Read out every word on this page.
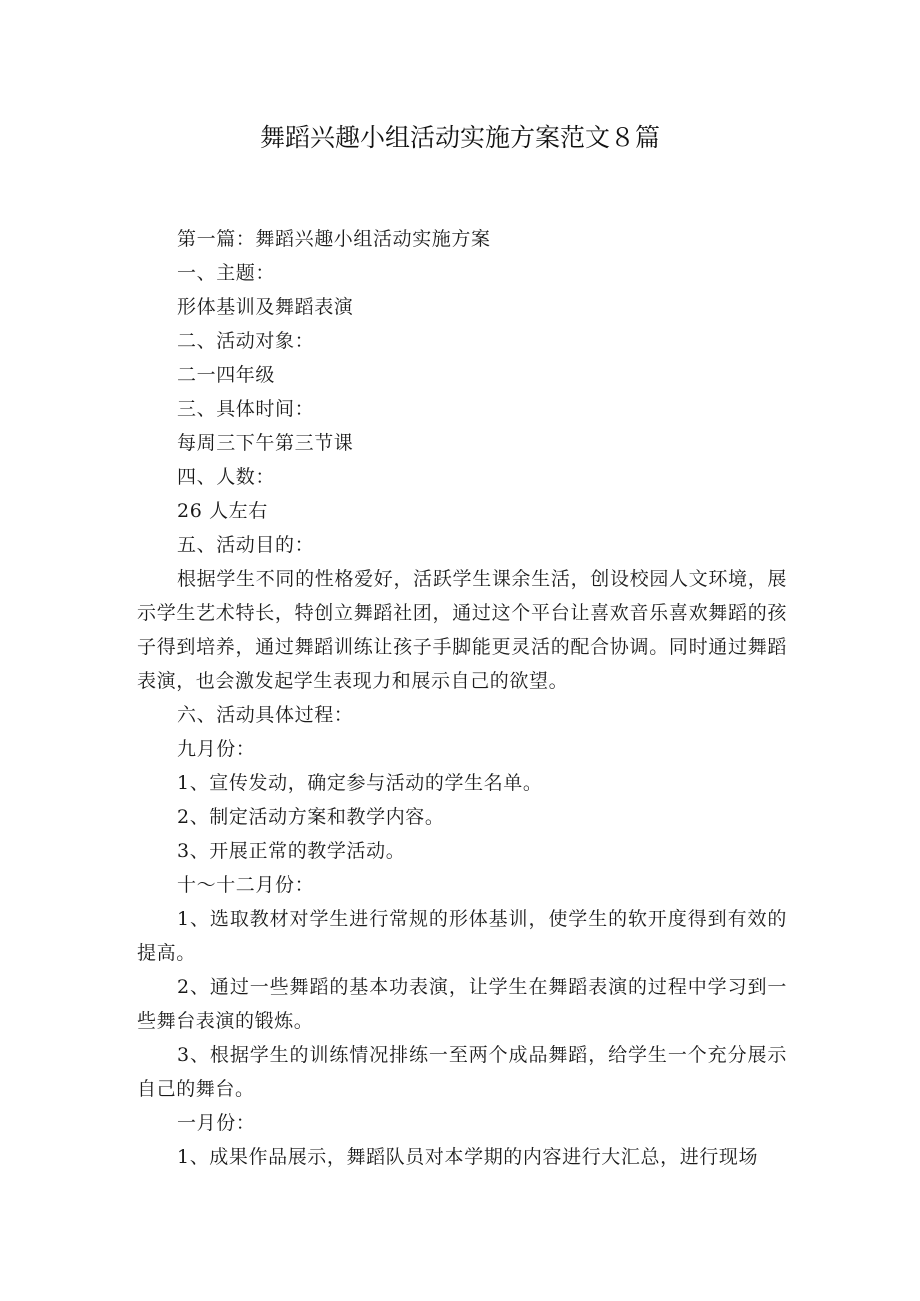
舞蹈兴趣小组活动实施方案范文８篇
第一篇：舞蹈兴趣小组活动实施方案
一、主题：
形体基训及舞蹈表演
二、活动对象：
二一四年级
三、具体时间：
每周三下午第三节课
四、人数：
26 人左右
五、活动目的：

根据学生不同的性格爱好，活跃学生课余生活，创设校园人文环境，展示学生艺术特长，特创立舞蹈社团，通过这个平台让喜欢音乐喜欢舞蹈的孩子得到培养，通过舞蹈训练让孩子手脚能更灵活的配合协调。同时通过舞蹈表演，也会激发起学生表现力和展示自己的欲望。

六、活动具体过程：
九月份：
1、宣传发动，确定参与活动的学生名单。
2、制定活动方案和教学内容。
3、开展正常的教学活动。
十～十二月份：

1、选取教材对学生进行常规的形体基训，使学生的软开度得到有效的提高。

2、通过一些舞蹈的基本功表演，让学生在舞蹈表演的过程中学习到一些舞台表演的锻炼。

3、根据学生的训练情况排练一至两个成品舞蹈，给学生一个充分展示自己的舞台。

一月份：
1、成果作品展示，舞蹈队员对本学期的内容进行大汇总，进行现场
